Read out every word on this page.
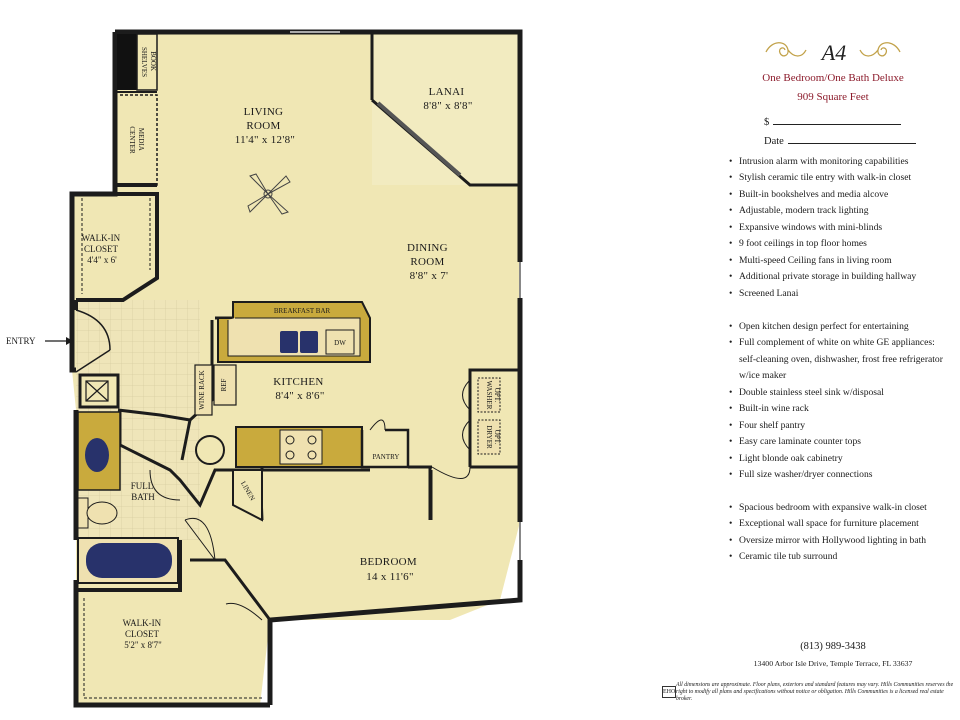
BOOK SHELVES
MEDIA CENTER
ENTRY
BREAKFAST BAR
DW
WINE RACK REF
PANTRY
WASHER OPT.
DRYER OPT.
LINEN
LIVING ROOM 11'4" x 12'8"
LANAI 8'8" x 8'8"
DINING ROOM 8'8" x 7'
WALK-IN CLOSET 4'4" x 6'
KITCHEN 8'4" x 8'6"
FULL BATH
BEDROOM 14 x 11'6"
WALK-IN CLOSET 5'2" x 8'7"
A4
One Bedroom/One Bath Deluxe
909 Square Feet
$
Date
• Intrusion alarm with monitoring capabilities
• Stylish ceramic tile entry with walk-in closet
• Built-in bookshelves and media alcove
• Adjustable, modern track lighting
• Expansive windows with mini-blinds
• 9 foot ceilings in top floor homes
• Multi-speed Ceiling fans in living room
• Additional private storage in building hallway
• Screened Lanai
• Open kitchen design perfect for entertaining
• Full complement of white on white GE appliances:
self-cleaning oven, dishwasher, frost free refrigerator
w/ice maker
• Double stainless steel sink w/disposal
• Built-in wine rack
• Four shelf pantry
• Easy care laminate counter tops
• Light blonde oak cabinetry
• Full size washer/dryer connections
• Spacious bedroom with expansive walk-in closet
• Exceptional wall space for furniture placement
• Oversize mirror with Hollywood lighting in bath
• Ceramic tile tub surround
(813) 989-3438
13400 Arbor Isle Drive, Temple Terrace, FL 33637
EHO
All dimensions are approximate. Floor plans, exteriors and standard features may vary. Hills Communities reserves the right to modify all plans and specifications without notice or obligation. Hills Communities is a licensed real estate broker.
